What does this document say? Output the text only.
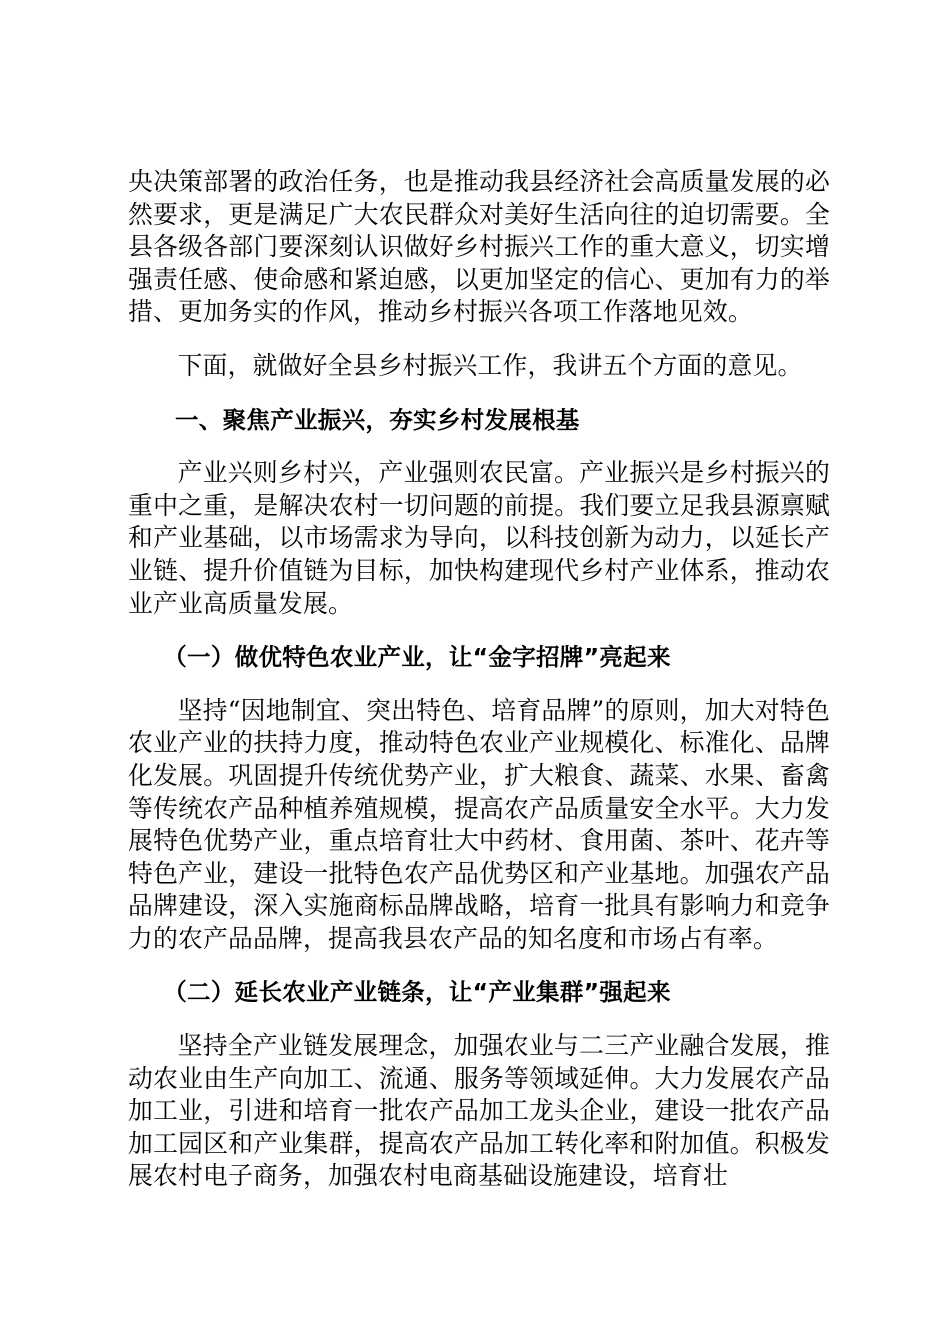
央决策部署的政治任务，也是推动我县经济社会高质量发展的必然要求，更是满足广大农民群众对美好生活向往的迫切需要。全县各级各部门要深刻认识做好乡村振兴工作的重大意义，切实增强责任感、使命感和紧迫感，以更加坚定的信心、更加有力的举措、更加务实的作风，推动乡村振兴各项工作落地见效。

下面，就做好全县乡村振兴工作，我讲五个方面的意见。

一、聚焦产业振兴，夯实乡村发展根基

产业兴则乡村兴，产业强则农民富。产业振兴是乡村振兴的重中之重，是解决农村一切问题的前提。我们要立足我县源禀赋和产业基础，以市场需求为导向，以科技创新为动力，以延长产业链、提升价值链为目标，加快构建现代乡村产业体系，推动农业产业高质量发展。

（一）做优特色农业产业，让“金字招牌”亮起来

坚持“因地制宜、突出特色、培育品牌”的原则，加大对特色农业产业的扶持力度，推动特色农业产业规模化、标准化、品牌化发展。巩固提升传统优势产业，扩大粮食、蔬菜、水果、畜禽等传统农产品种植养殖规模，提高农产品质量安全水平。大力发展特色优势产业，重点培育壮大中药材、食用菌、茶叶、花卉等特色产业，建设一批特色农产品优势区和产业基地。加强农产品品牌建设，深入实施商标品牌战略，培育一批具有影响力和竞争力的农产品品牌，提高我县农产品的知名度和市场占有率。

（二）延长农业产业链条，让“产业集群”强起来

坚持全产业链发展理念，加强农业与二三产业融合发展，推动农业由生产向加工、流通、服务等领域延伸。大力发展农产品加工业，引进和培育一批农产品加工龙头企业，建设一批农产品加工园区和产业集群，提高农产品加工转化率和附加值。积极发展农村电子商务，加强农村电商基础设施建设，培育壮
